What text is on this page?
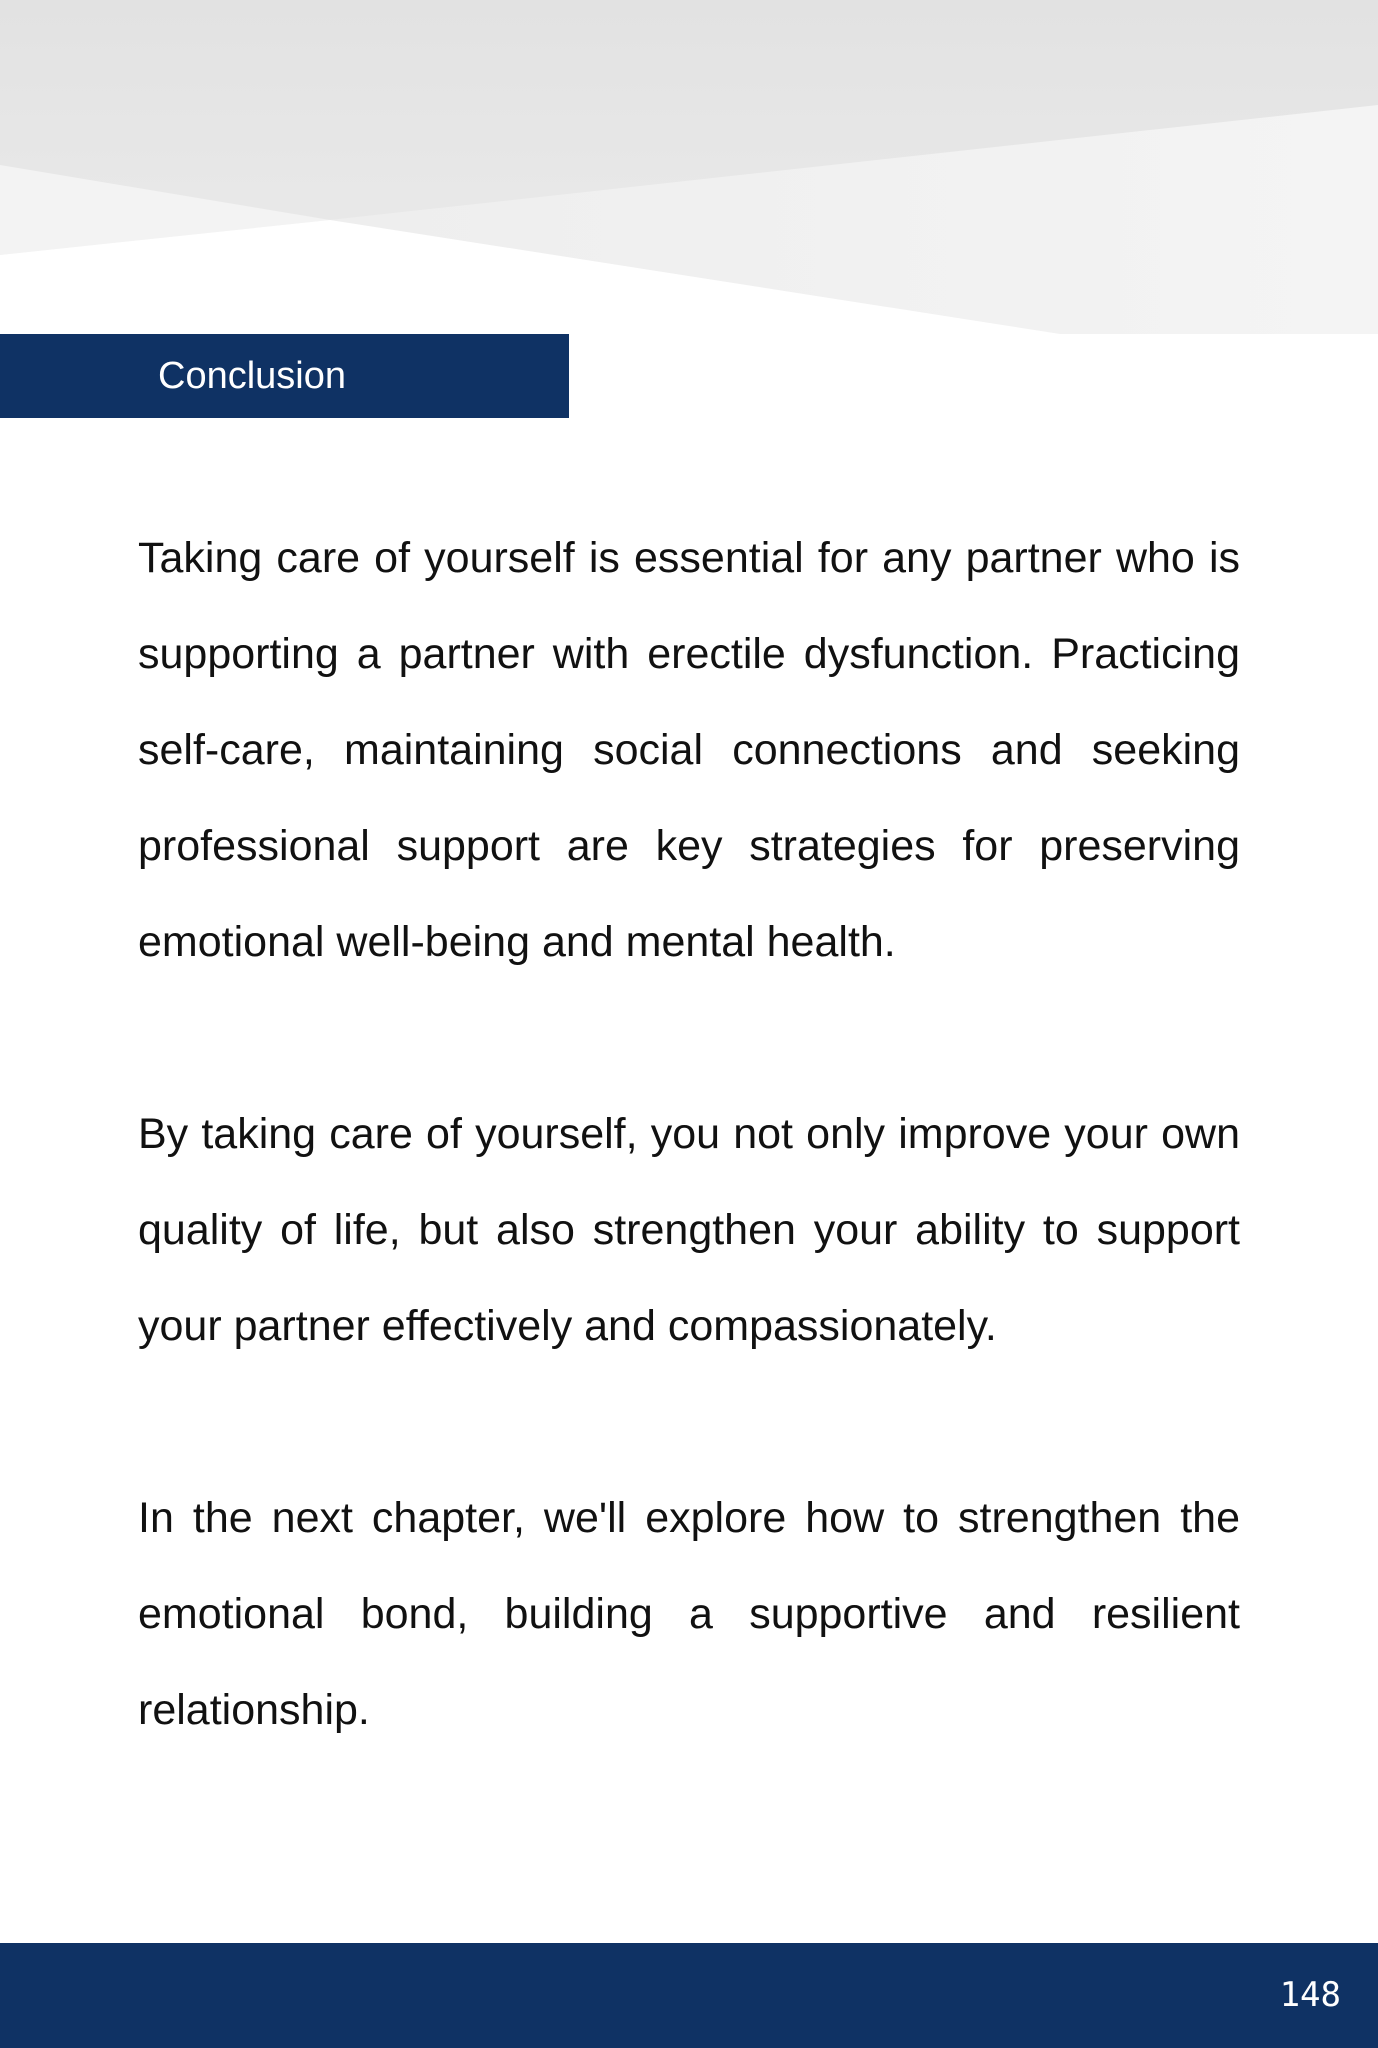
Conclusion

Taking care of yourself is essential for any partner who is supporting a partner with erectile dysfunction. Practicing self-care, maintaining social connections and seeking professional support are key strategies for preserving emotional well-being and mental health.

By taking care of yourself, you not only improve your own quality of life, but also strengthen your ability to support your partner effectively and compassionately.

In the next chapter, we'll explore how to strengthen the emotional bond, building a supportive and resilient relationship.

148
